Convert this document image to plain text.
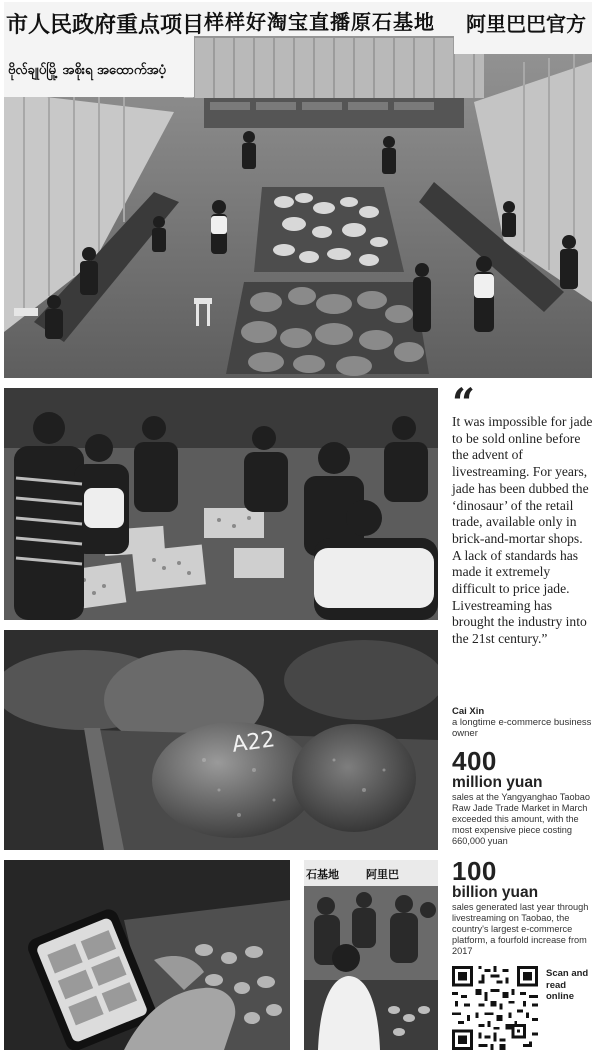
市人民政府重点项目
ဗိုလ်ချုပ်မြို့ အစိုးရ အထောက်အပံ့
样样好淘宝直播原石基地 阿里巴巴官方
“
It was impossible for jade to be sold online before the advent of livestreaming. For years, jade has been dubbed the ‘dinosaur’ of the retail trade, available only in brick-and-mortar shops. A lack of standards has made it extremely difficult to price jade. Livestreaming has brought the industry into the 21st century.”
Cai Xin
a longtime e-commerce business owner
A22
400
million yuan
sales at the Yangyanghao Taobao Raw Jade Trade Market in March exceeded this amount, with the most expensive piece costing 660,000 yuan
石基地 阿里巴 100
billion yuan
sales generated last year through livestreaming on Taobao, the country's largest e-commerce platform, a fourfold increase from 2017
Scan and read online
